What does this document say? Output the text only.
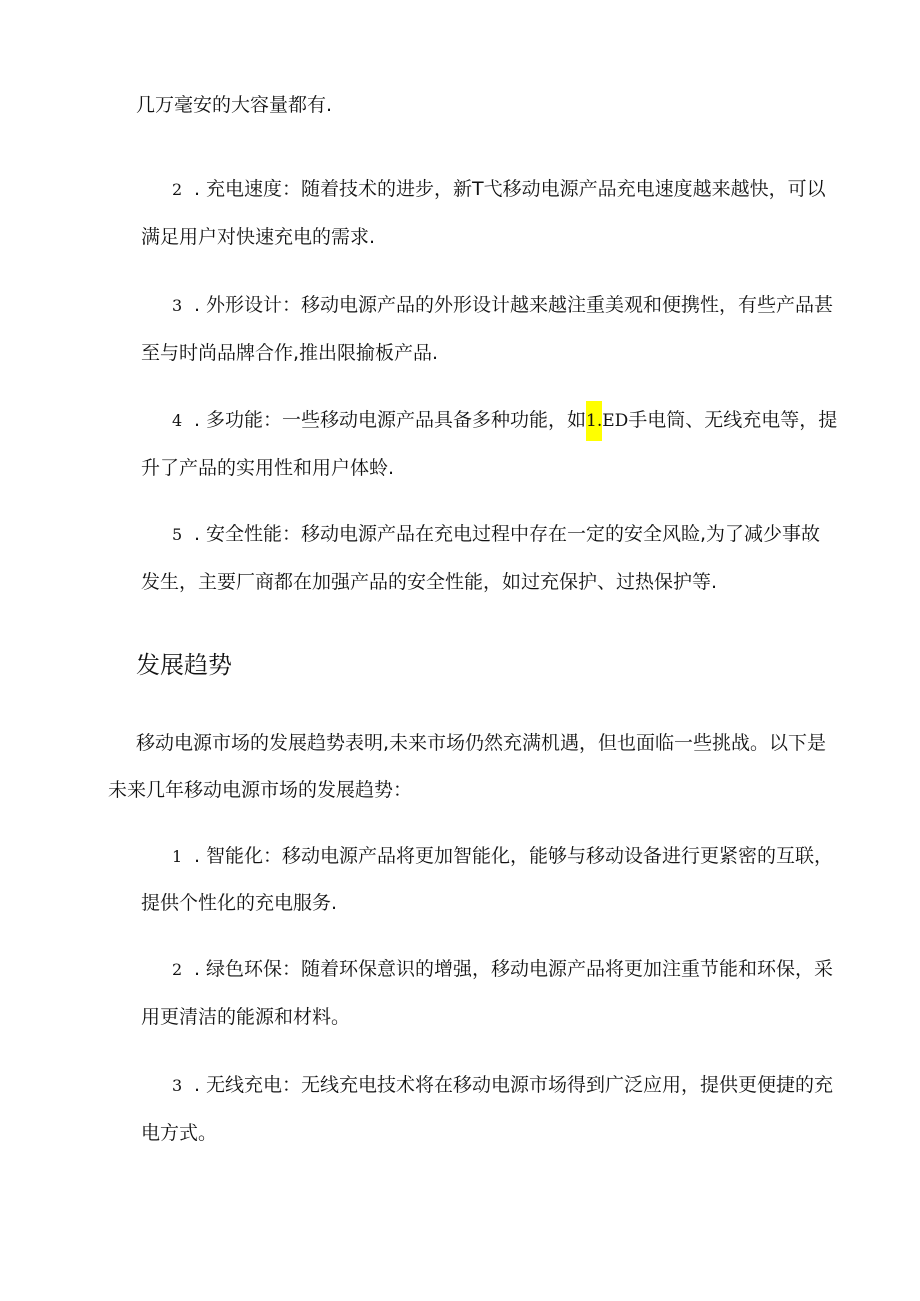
几万毫安的大容量都有.
2 . 充电速度：随着技术的进步，新T弋移动电源产品充电速度越来越快，可以
满足用户对快速充电的需求.
3 . 外形设计：移动电源产品的外形设计越来越注重美观和便携性，有些产品甚
至与时尚品牌合作,推出限揄板产品.
4 . 多功能：一些移动电源产品具备多种功能，如1.ED手电筒、无线充电等，提
升了产品的实用性和用户体蛉.
5 . 安全性能：移动电源产品在充电过程中存在一定的安全风睑,为了减少事故
发生，主要厂商都在加强产品的安全性能，如过充保护、过热保护等.
发展趋势
移动电源市场的发展趋势表明,未来市场仍然充满机遇，但也面临一些挑战。以下是
未来几年移动电源市场的发展趋势：
1 . 智能化：移动电源产品将更加智能化，能够与移动设备进行更紧密的互联，
提供个性化的充电服务.
2 . 绿色环保：随着环保意识的增强，移动电源产品将更加注重节能和环保，采
用更清洁的能源和材料。
3 . 无线充电：无线充电技术将在移动电源市场得到广泛应用，提供更便捷的充
电方式。
